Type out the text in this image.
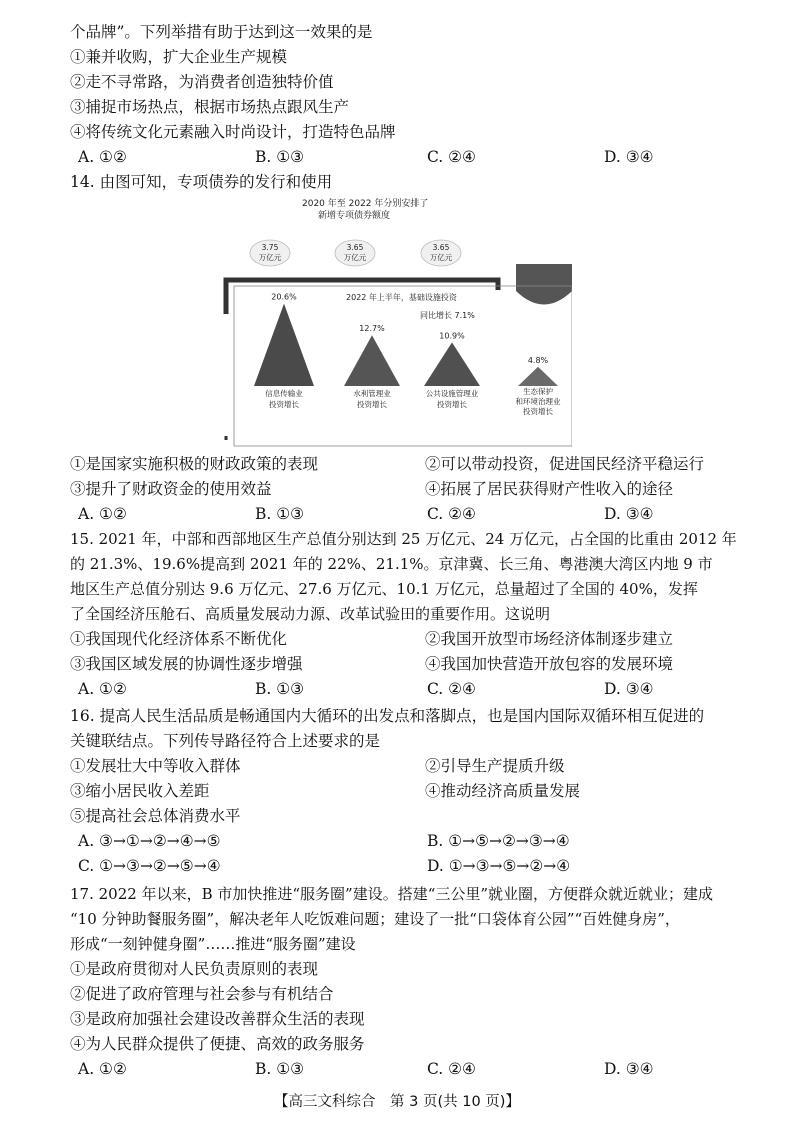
个品牌”。下列举措有助于达到这一效果的是
①兼并收购，扩大企业生产规模
②走不寻常路，为消费者创造独特价值
③捕捉市场热点，根据市场热点跟风生产
④将传统文化元素融入时尚设计，打造特色品牌
A. ①②	B. ①③	C. ②④	D. ③④
14. 由图可知，专项债券的发行和使用
2020 年至 2022 年分别安排了
新增专项债券额度
3.75
万亿元
3.65
万亿元
3.65
万亿元
2022 年上半年，基础设施投资
同比增长 7.1%
20.6%
12.7%
10.9%
4.8%
信息传输业
投资增长
水利管理业
投资增长
公共设施管理业
投资增长
生态保护
和环境治理业
投资增长
①是国家实施积极的财政政策的表现	②可以带动投资，促进国民经济平稳运行
③提升了财政资金的使用效益	④拓展了居民获得财产性收入的途径
A. ①②	B. ①③	C. ②④	D. ③④
15. 2021 年，中部和西部地区生产总值分别达到 25 万亿元、24 万亿元，占全国的比重由 2012 年
的 21.3%、19.6%提高到 2021 年的 22%、21.1%。京津冀、长三角、粤港澳大湾区内地 9 市
地区生产总值分别达 9.6 万亿元、27.6 万亿元、10.1 万亿元，总量超过了全国的 40%，发挥
了全国经济压舱石、高质量发展动力源、改革试验田的重要作用。这说明
①我国现代化经济体系不断优化	②我国开放型市场经济体制逐步建立
③我国区域发展的协调性逐步增强	④我国加快营造开放包容的发展环境
A. ①②	B. ①③	C. ②④	D. ③④
16. 提高人民生活品质是畅通国内大循环的出发点和落脚点，也是国内国际双循环相互促进的
关键联结点。下列传导路径符合上述要求的是
①发展壮大中等收入群体	②引导生产提质升级
③缩小居民收入差距	④推动经济高质量发展
⑤提高社会总体消费水平
A. ③→①→②→④→⑤	B. ①→⑤→②→③→④
C. ①→③→②→⑤→④	D. ①→③→⑤→②→④
17. 2022 年以来，B 市加快推进“服务圈”建设。搭建“三公里”就业圈，方便群众就近就业；建成
“10 分钟助餐服务圈”，解决老年人吃饭难问题；建设了一批“口袋体育公园”“百姓健身房”，
形成“一刻钟健身圈”……推进“服务圈”建设
①是政府贯彻对人民负责原则的表现
②促进了政府管理与社会参与有机结合
③是政府加强社会建设改善群众生活的表现
④为人民群众提供了便捷、高效的政务服务
A. ①②	B. ①③	C. ②④	D. ③④
【高三文科综合　第 3 页(共 10 页)】
